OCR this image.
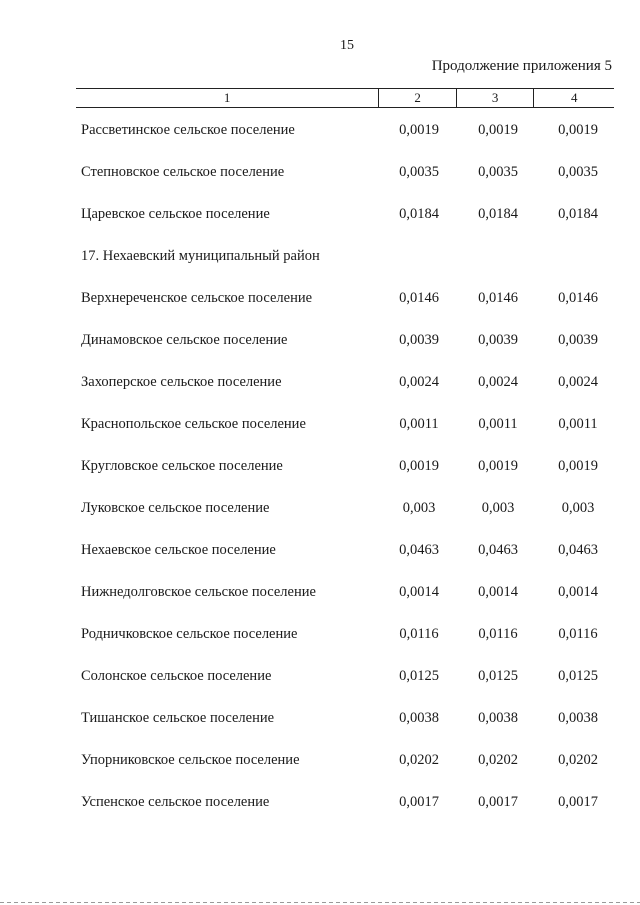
15
Продолжение приложения 5
1	2	3	4
Рассветинское сельское поселение	0,0019	0,0019	0,0019
Степновское сельское поселение	0,0035	0,0035	0,0035
Царевское сельское поселение	0,0184	0,0184	0,0184
17. Нехаевский муниципальный район
Верхнереченское сельское поселение	0,0146	0,0146	0,0146
Динамовское сельское поселение	0,0039	0,0039	0,0039
Захоперское сельское поселение	0,0024	0,0024	0,0024
Краснопольское сельское поселение	0,0011	0,0011	0,0011
Кругловское сельское поселение	0,0019	0,0019	0,0019
Луковское сельское поселение	0,003	0,003	0,003
Нехаевское сельское поселение	0,0463	0,0463	0,0463
Нижнедолговское сельское поселение	0,0014	0,0014	0,0014
Родничковское сельское поселение	0,0116	0,0116	0,0116
Солонское сельское поселение	0,0125	0,0125	0,0125
Тишанское сельское поселение	0,0038	0,0038	0,0038
Упорниковское сельское поселение	0,0202	0,0202	0,0202
Успенское сельское поселение	0,0017	0,0017	0,0017
